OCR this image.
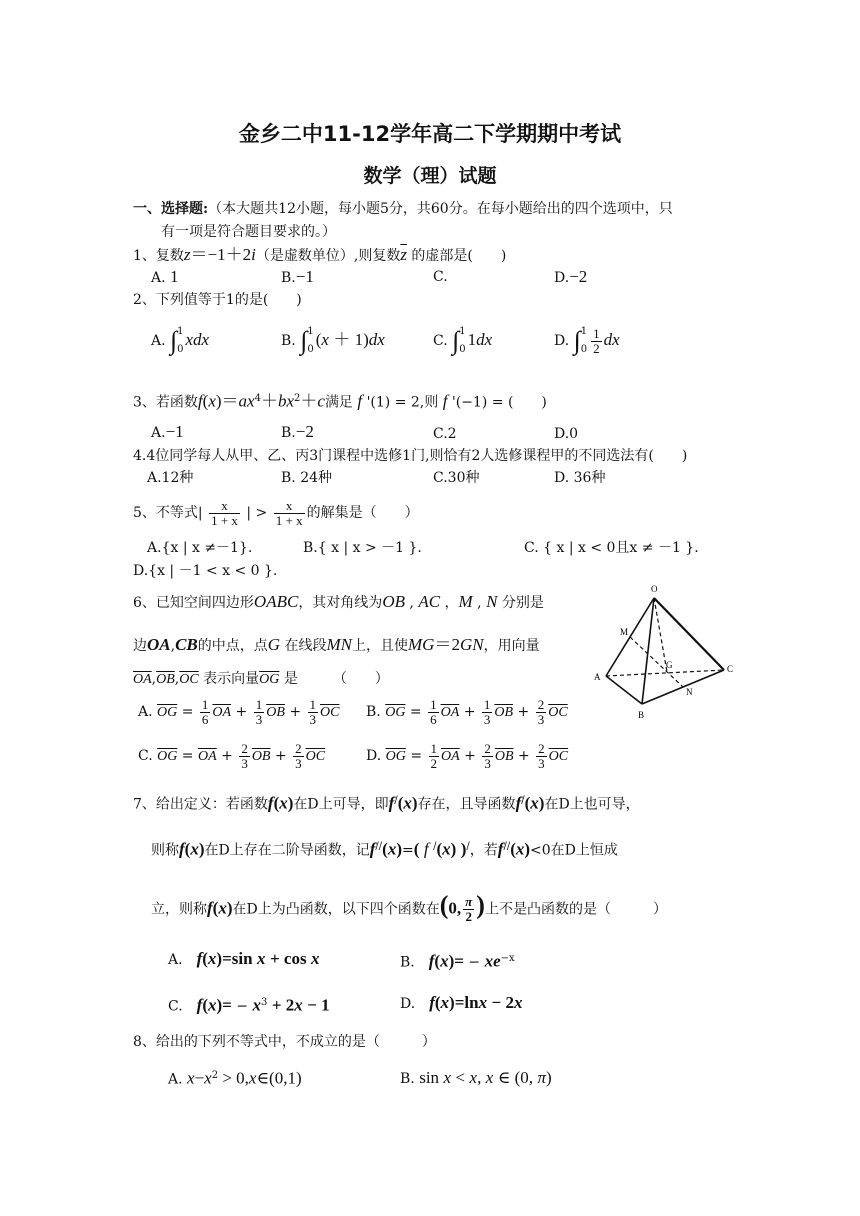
金乡二中11-12学年高二下学期期中考试
数学（理）试题
一、选择题:（本大题共12小题，每小题5分，共60分。在每小题给出的四个选项中，只
有一项是符合题目要求的。）
1、复数z＝−1＋2i（是虚数单位）,则复数$\overline{z}$ 的虚部是(　　)
A. 1	B.−1	C.	D.−2
2、下列值等于1的是(　　)
A. ∫ 1
0
xdx	B. ∫ 1
0
(x ＋ 1)dx	C. ∫ 1
0
1dx	D. ∫ 1
$0 \frac{1}{2}$ dx
3、若函数$f(x)=ax^4+bx^2+c$满足 f '(1) = 2,则 f '(−1) = (　　)
A.−1	B.−2	C.2	D.0
4.4位同学每人从甲、乙、丙3门课程中选修1门,则恰有2人选修课程甲的不同选法有(　　)
A.12种	B. 24种	C.30种	D. 36种
5、不等式| $\frac{x}{1 + x}$ | > $\frac{x}{1 + x}$ 的解集是（　　）
A.{x | x ≠－1}.	B.{ x | x > －1 }.	C. { x | x < 0且x ≠ －1 }.
D.{x | －1 < x < 0 }.
6、已知空间四边形OABC，其对角线为OB , AC ，M , N 分别是
边OA,CB的中点，点G 在线段MN上，且使MG＝2GN，用向量
$\overline{OA},\overline{OB},\overline{OC}$ 表示向量$\overline{OG}$ 是　　　（　　）
A. $\overline{OG} = \frac{1}{6} \overline{OA} + \frac{1}{3} \overline{OB} + \frac{1}{3} \overline{OC}$ B. $\overline{OG} = \frac{1}{6} \overline{OA} + \frac{1}{3} \overline{OB} + \frac{2}{3} \overline{OC}$
C. $\overline{OG} = \overline{OA} + \frac{2}{3} \overline{OB} + \frac{2}{3} \overline{OC}$	D. $\overline{OG} = \frac{1}{2} \overline{OA} + \frac{2}{3} \overline{OB} + \frac{2}{3} \overline{OC}$
O
M
G	C
A
N
B
7、给出定义：若函数f(x)在D上可导，即f/(x)存在，且导函数f/(x)在D上也可导，
则称f(x)在D上存在二阶导函数，记f//(x)=( f /(x) )/，若f//(x)<0在D上恒成
立，则称f(x)在D上为凸函数，以下四个函数在(0, $\frac{\pi}{2}$ )上不是凸函数的是（　　　）
A.　 f(x)=sin x + cos x	B.　 $f(x)= - xe^{-x}$
C.　 $f(x)= - x^3 + 2x - 1$	D.　 f(x)=lnx − 2x
8、给出的下列不等式中，不成立的是（　　　）
A. $x-x^2$ > 0,x∈(0,1)	B. sin x < x, x ∈ (0, π)
